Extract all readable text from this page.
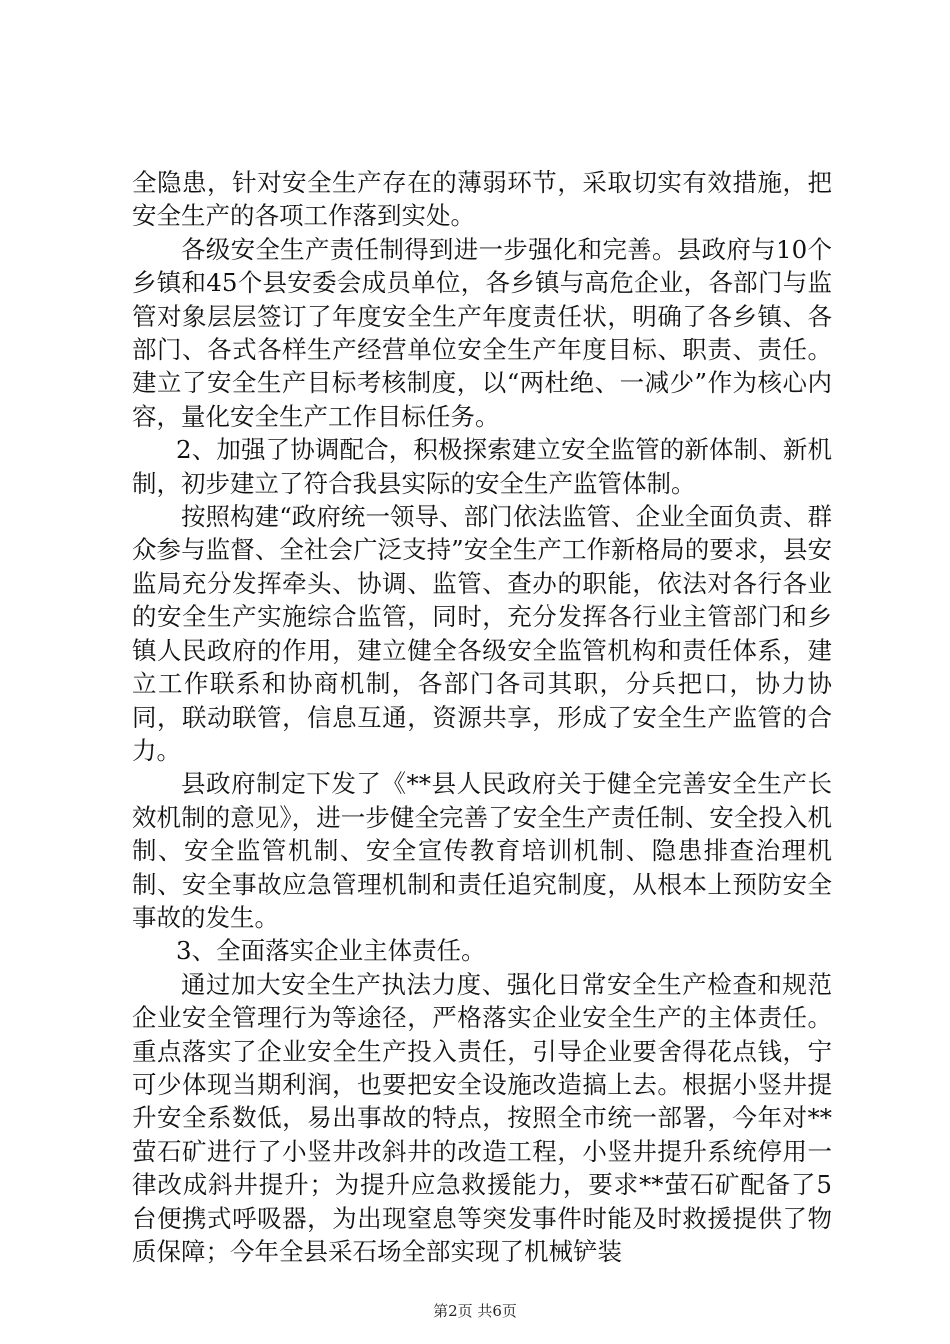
全隐患，针对安全生产存在的薄弱环节，采取切实有效措施，把安全生产的各项工作落到实处。

各级安全生产责任制得到进一步强化和完善。县政府与10个乡镇和45个县安委会成员单位，各乡镇与高危企业，各部门与监管对象层层签订了年度安全生产年度责任状，明确了各乡镇、各部门、各式各样生产经营单位安全生产年度目标、职责、责任。建立了安全生产目标考核制度，以“两杜绝、一减少”作为核心内容，量化安全生产工作目标任务。

2、加强了协调配合，积极探索建立安全监管的新体制、新机制，初步建立了符合我县实际的安全生产监管体制。

按照构建“政府统一领导、部门依法监管、企业全面负责、群众参与监督、全社会广泛支持”安全生产工作新格局的要求，县安监局充分发挥牵头、协调、监管、查办的职能，依法对各行各业的安全生产实施综合监管，同时，充分发挥各行业主管部门和乡镇人民政府的作用，建立健全各级安全监管机构和责任体系，建立工作联系和协商机制，各部门各司其职，分兵把口，协力协同，联动联管，信息互通，资源共享，形成了安全生产监管的合力。

县政府制定下发了《**县人民政府关于健全完善安全生产长效机制的意见》，进一步健全完善了安全生产责任制、安全投入机制、安全监管机制、安全宣传教育培训机制、隐患排查治理机制、安全事故应急管理机制和责任追究制度，从根本上预防安全事故的发生。

3、全面落实企业主体责任。

通过加大安全生产执法力度、强化日常安全生产检查和规范企业安全管理行为等途径，严格落实企业安全生产的主体责任。重点落实了企业安全生产投入责任，引导企业要舍得花点钱，宁可少体现当期利润，也要把安全设施改造搞上去。根据小竖井提升安全系数低，易出事故的特点，按照全市统一部署，今年对**萤石矿进行了小竖井改斜井的改造工程，小竖井提升系统停用一律改成斜井提升；为提升应急救援能力，要求**萤石矿配备了5台便携式呼吸器，为出现窒息等突发事件时能及时救援提供了物质保障；今年全县采石场全部实现了机械铲装

第2页 共6页
